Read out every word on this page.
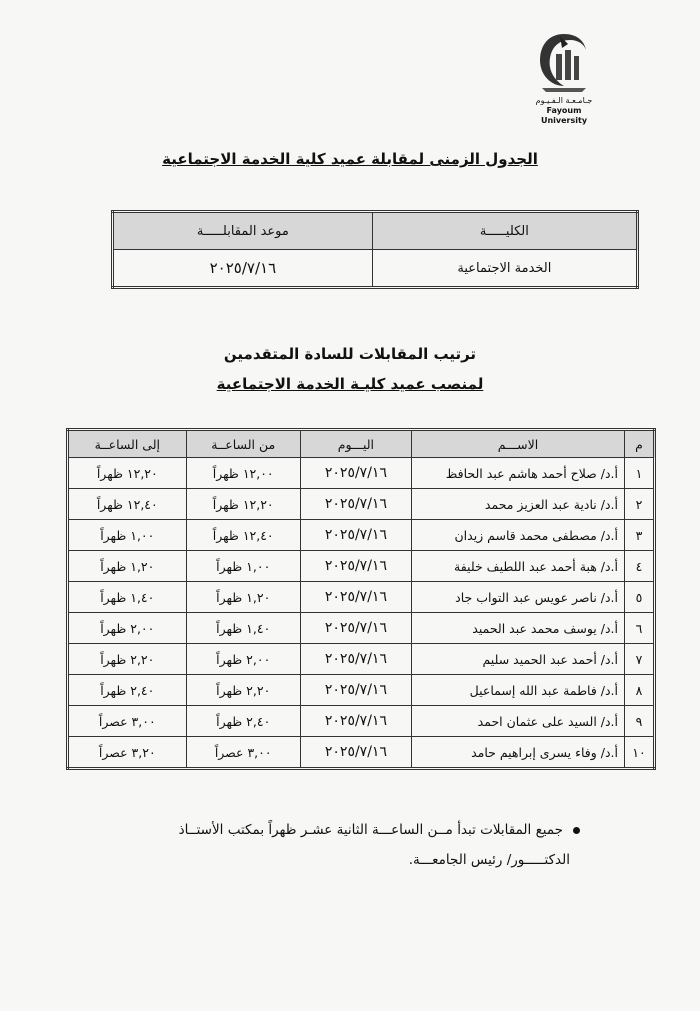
جـامـعـة الـفـيـوم
Fayoum University
الجدول الزمنى لمقابلة عميد كلية الخدمة الاجتماعية
الكليـــــة	موعد المقابلـــــة
الخدمة الاجتماعية	٢٠٢٥/٧/١٦
ترتيب المقابلات للسادة المتقدمين
لمنصب عميد كليـة الخدمة الاجتماعية
م	الاســـم	اليـــوم	من الساعــة	إلى الساعــة
١	أ.د/ صلاح أحمد هاشم عبد الحافظ	٢٠٢٥/٧/١٦	١٢,٠٠ ظهراً	١٢,٢٠ ظهراً
٢	أ.د/ نادية عبد العزيز محمد	٢٠٢٥/٧/١٦	١٢,٢٠ ظهراً	١٢,٤٠ ظهراً
٣	أ.د/ مصطفى محمد قاسم زيدان	٢٠٢٥/٧/١٦	١٢,٤٠ ظهراً	١,٠٠ ظهراً
٤	أ.د/ هبة أحمد عبد اللطيف خليفة	٢٠٢٥/٧/١٦	١,٠٠ ظهراً	١,٢٠ ظهراً
٥	أ.د/ ناصر عويس عبد التواب جاد	٢٠٢٥/٧/١٦	١,٢٠ ظهراً	١,٤٠ ظهراً
٦	أ.د/ يوسف محمد عبد الحميد	٢٠٢٥/٧/١٦	١,٤٠ ظهراً	٢,٠٠ ظهراً
٧	أ.د/ أحمد عبد الحميد سليم	٢٠٢٥/٧/١٦	٢,٠٠ ظهراً	٢,٢٠ ظهراً
٨	أ.د/ فاطمة عبد الله إسماعيل	٢٠٢٥/٧/١٦	٢,٢٠ ظهراً	٢,٤٠ ظهراً
٩	أ.د/ السيد على عثمان احمد	٢٠٢٥/٧/١٦	٢,٤٠ ظهراً	٣,٠٠ عصراً
١٠	أ.د/ وفاء يسرى إبراهيم حامد	٢٠٢٥/٧/١٦	٣,٠٠ عصراً	٣,٢٠ عصراً
جميع المقابلات تبدأ مــن الساعـــة الثانية عشـر ظهراً بمكتب الأستــاذ
الدكتـــــور/ رئيس الجامعـــة.
